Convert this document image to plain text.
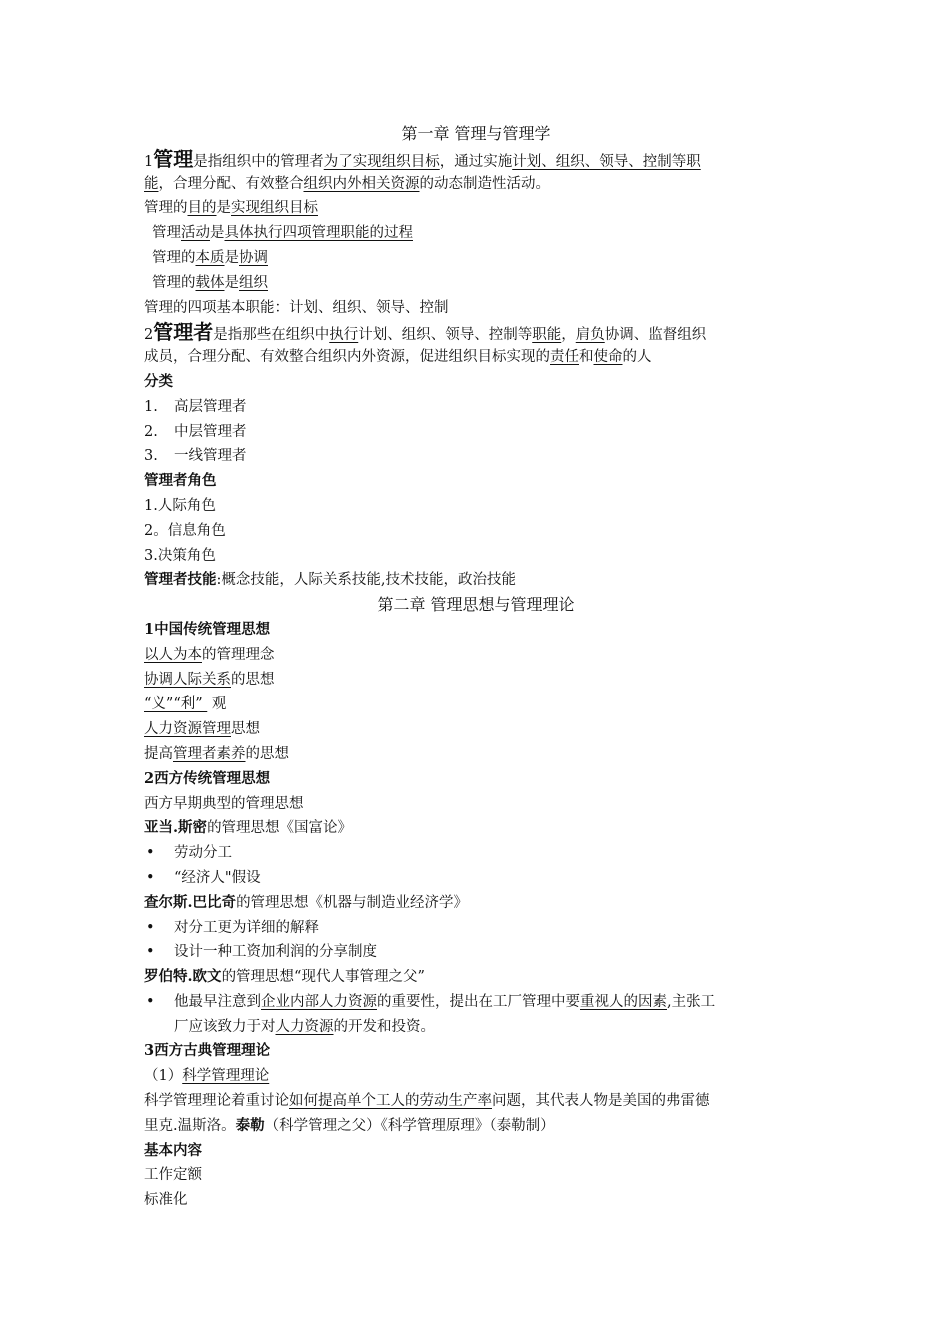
第一章 管理与管理学
1管理是指组织中的管理者为了实现组织目标，通过实施计划、组织、领导、控制等职
能，合理分配、有效整合组织内外相关资源的动态制造性活动。
管理的目的是实现组织目标
管理活动是具体执行四项管理职能的过程
管理的本质是协调
管理的载体是组织
管理的四项基本职能：计划、组织、领导、控制
2管理者是指那些在组织中执行计划、组织、领导、控制等职能，肩负协调、监督组织
成员，合理分配、有效整合组织内外资源，促进组织目标实现的责任和使命的人
分类
1. 高层管理者
2. 中层管理者
3. 一线管理者
管理者角色
1.人际角色
2。信息角色
3.决策角色
管理者技能:概念技能，人际关系技能,技术技能，政治技能
第二章 管理思想与管理理论
1中国传统管理思想
以人为本的管理理念
协调人际关系的思想
“义”“利”  观
人力资源管理思想
提高管理者素养的思想
2西方传统管理思想
西方早期典型的管理思想
亚当.斯密的管理思想《国富论》
• 劳动分工
• “经济人"假设
查尔斯.巴比奇的管理思想《机器与制造业经济学》
• 对分工更为详细的解释
• 设计一种工资加利润的分享制度
罗伯特.欧文的管理思想“现代人事管理之父”
• 他最早注意到企业内部人力资源的重要性，提出在工厂管理中要重视人的因素,主张工
厂应该致力于对人力资源的开发和投资。
3西方古典管理理论
（1）科学管理理论
科学管理理论着重讨论如何提高单个工人的劳动生产率问题，其代表人物是美国的弗雷德
里克.温斯洛。泰勒（科学管理之父）《科学管理原理》（泰勒制）
基本内容
工作定额
标准化
